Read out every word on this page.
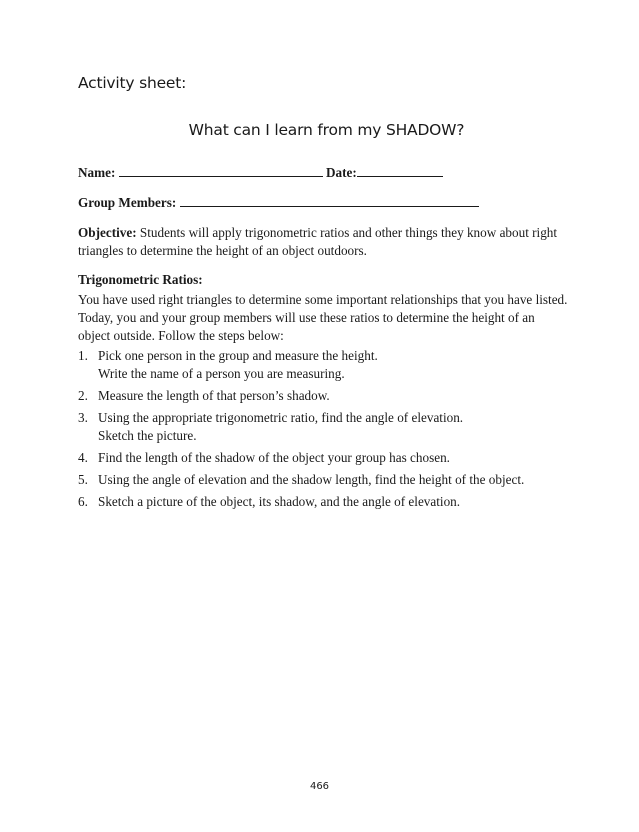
Activity sheet:
What can I learn from my SHADOW?
Name:	Date:
Group Members:

Objective: Students will apply trigonometric ratios and other things they know about right triangles to determine the height of an object outdoors.

Trigonometric Ratios:

You have used right triangles to determine some important relationships that you have listed. Today, you and your group members will use these ratios to determine the height of an object outside. Follow the steps below:

1. Pick one person in the group and measure the height.
Write the name of a person you are measuring.
2. Measure the length of that person’s shadow.
3. Using the appropriate trigonometric ratio, find the angle of elevation.
Sketch the picture.
4. Find the length of the shadow of the object your group has chosen.
5. Using the angle of elevation and the shadow length, find the height of the object.
6. Sketch a picture of the object, its shadow, and the angle of elevation.
466
